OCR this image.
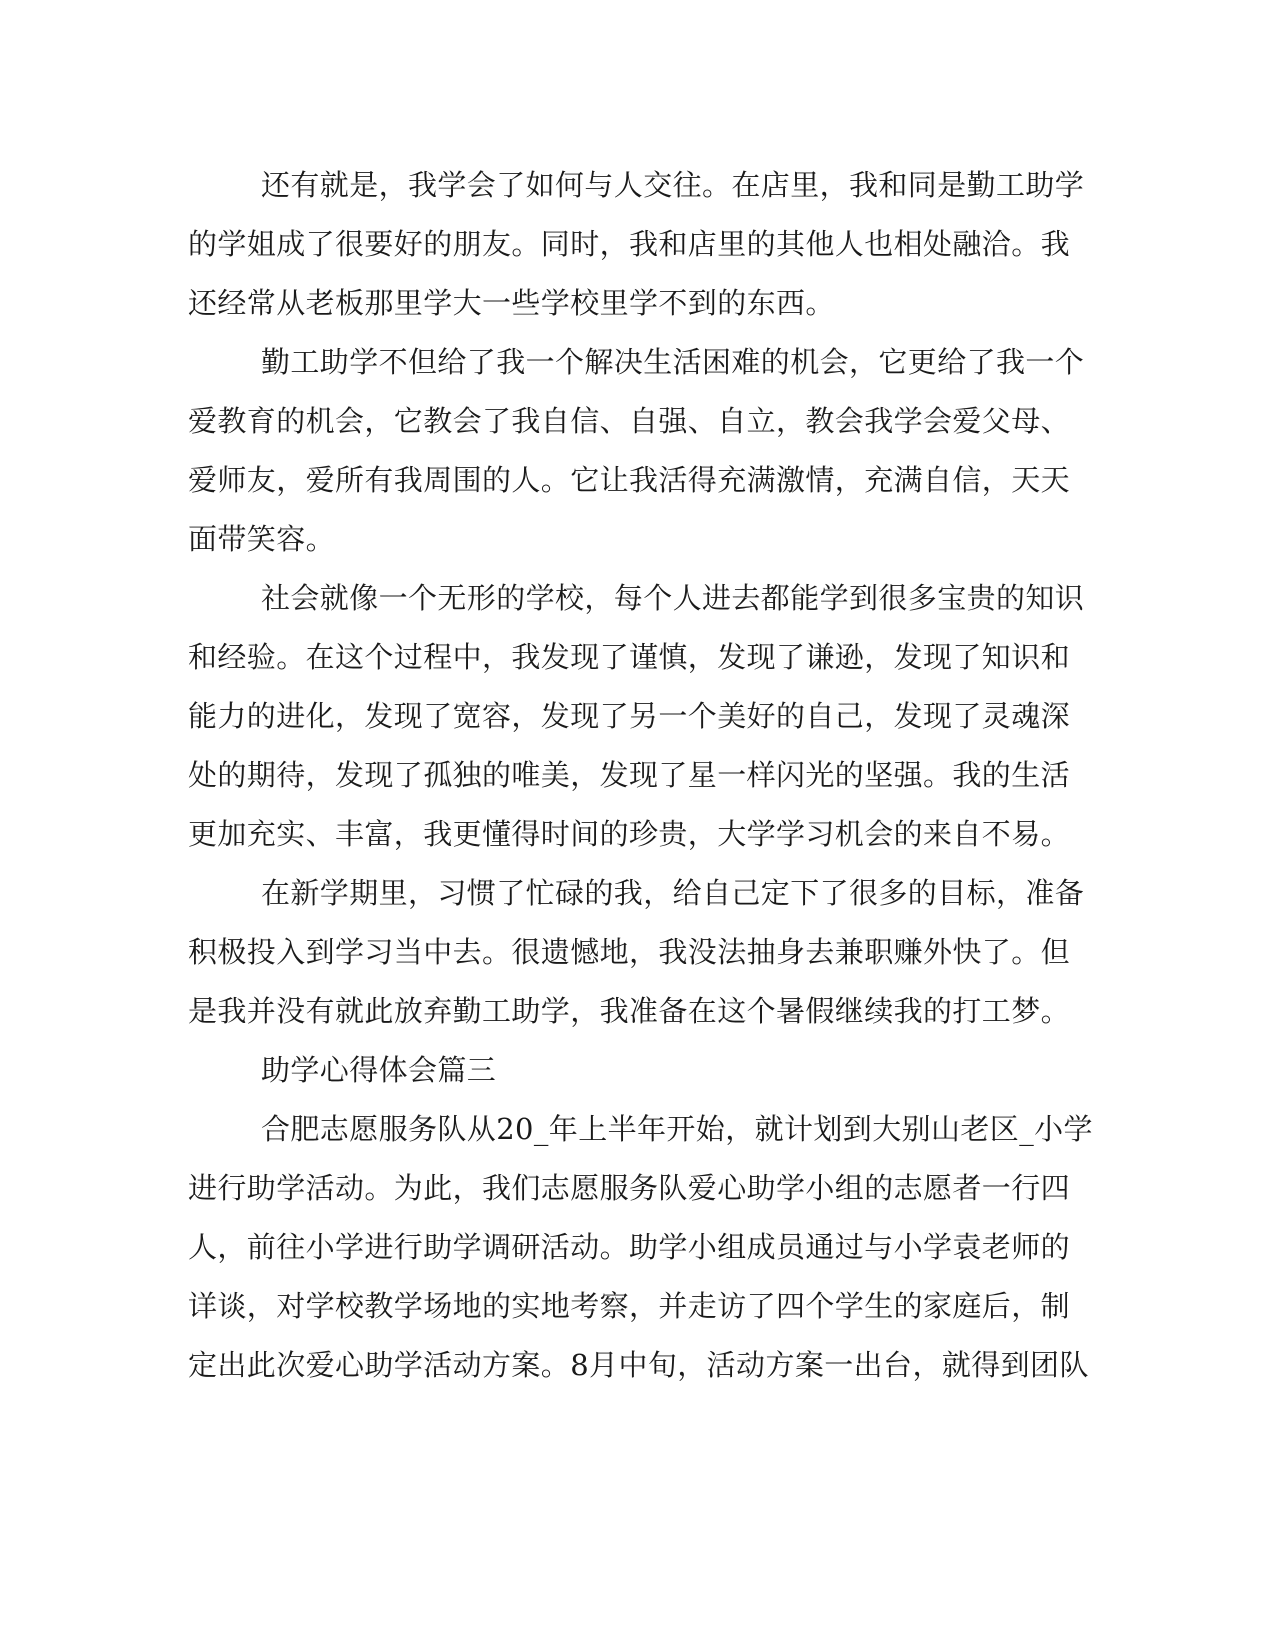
还有就是，我学会了如何与人交往。在店里，我和同是勤工助学
的学姐成了很要好的朋友。同时，我和店里的其他人也相处融洽。我
还经常从老板那里学大一些学校里学不到的东西。
勤工助学不但给了我一个解决生活困难的机会，它更给了我一个
爱教育的机会，它教会了我自信、自强、自立，教会我学会爱父母、
爱师友，爱所有我周围的人。它让我活得充满激情，充满自信，天天
面带笑容。
社会就像一个无形的学校，每个人进去都能学到很多宝贵的知识
和经验。在这个过程中，我发现了谨慎，发现了谦逊，发现了知识和
能力的进化，发现了宽容，发现了另一个美好的自己，发现了灵魂深
处的期待，发现了孤独的唯美，发现了星一样闪光的坚强。我的生活
更加充实、丰富，我更懂得时间的珍贵，大学学习机会的来自不易。
在新学期里，习惯了忙碌的我，给自己定下了很多的目标，准备
积极投入到学习当中去。很遗憾地，我没法抽身去兼职赚外快了。但
是我并没有就此放弃勤工助学，我准备在这个暑假继续我的打工梦。
助学心得体会篇三
合肥志愿服务队从20_年上半年开始，就计划到大别山老区_小学
进行助学活动。为此，我们志愿服务队爱心助学小组的志愿者一行四
人，前往小学进行助学调研活动。助学小组成员通过与小学袁老师的
详谈，对学校教学场地的实地考察，并走访了四个学生的家庭后，制
定出此次爱心助学活动方案。8月中旬，活动方案一出台，就得到团队
